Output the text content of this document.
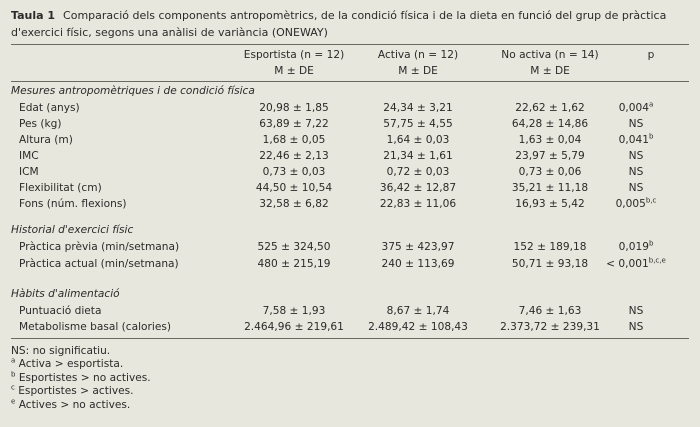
Taula 1 Comparació dels components antropomètrics, de la condició física i de la dieta en funció del grup de pràctica d'exercici físic, segons una anàlisi de variància (ONEWAY)
Esportista (n = 12)	Activa (n = 12)	No activa (n = 14)	p
M ± DE	M ± DE	M ± DE
Mesures antropomètriques i de condició física
Edat (anys)	20,98 ± 1,85	24,34 ± 3,21	22,62 ± 1,62	0,004$^a$
Pes (kg)	63,89 ± 7,22	57,75 ± 4,55	64,28 ± 14,86	NS
Altura (m)	1,68 ± 0,05	1,64 ± 0,03	1,63 ± 0,04	0,041$^b$
IMC	22,46 ± 2,13	21,34 ± 1,61	23,97 ± 5,79	NS
ICM	0,73 ± 0,03	0,72 ± 0,03	0,73 ± 0,06	NS
Flexibilitat (cm)	44,50 ± 10,54	36,42 ± 12,87	35,21 ± 11,18	NS
Fons (núm. flexions)	32,58 ± 6,82	22,83 ± 11,06	16,93 ± 5,42	0,005$^{b,c}$
Historial d'exercici físic
Pràctica prèvia (min/setmana)	525 ± 324,50	375 ± 423,97	152 ± 189,18	0,019$^b$
Pràctica actual (min/setmana)	480 ± 215,19	240 ± 113,69	50,71 ± 93,18	< $0,001^{b,c,e}$
Hàbits d'alimentació
Puntuació dieta	7,58 ± 1,93	8,67 ± 1,74	7,46 ± 1,63	NS
Metabolisme basal (calories)	2.464,96 ± 219,61	2.489,42 ± 108,43	2.373,72 ± 239,31	NS
NS: no significatiu.
$^a$ Activa > esportista.
$^b$ Esportistes > no actives.
$^c$ Esportistes > actives.
$^e$ Actives > no actives.
